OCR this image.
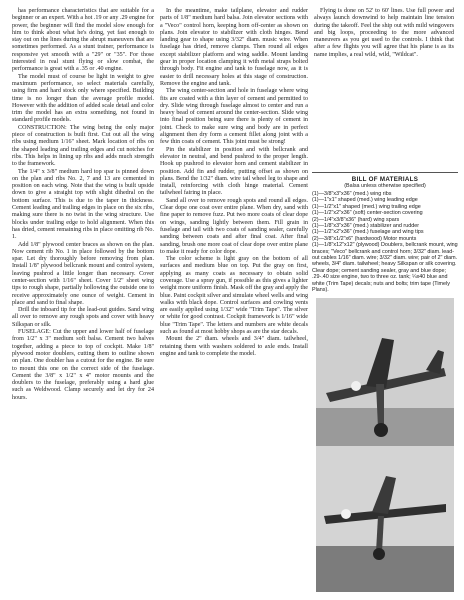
has performance characteristics that are suitable for a beginner or an expert. With a hot .19 or any .29 engine for power, the beginner will find the model slow enough for him to think about what he's doing, yet fast enough to stay out on the lines during the abrupt maneuvers that are sometimes performed. As a stunt trainer, performance is responsive yet smooth with a "29" or "35". For those interested in real stunt flying or slow combat, the performance is great with a .35 or .40 engine.

The model must of course be light in weight to give maximum performance, so select materials carefully, using firm and hard stock only where specified. Building time is no longer than the average profile model. However with the addition of added scale detail and color trim the model has an extra something, not found in standard profile models.

CONSTRUCTION: The wing being the only major piece of construction is built first. Cut out all the wing ribs using medium 1/16" sheet. Mark location of ribs on the shaped leading and trailing edges and cut notches for ribs. This helps in lining up ribs and adds much strength to the framework.

The 1/4" x 3/8" medium hard top spar is pinned down on the plan and ribs No. 2, 7 and 13 are cemented in position on each wing. Note that the wing is built upside down to give a straight top with slight dihedral on the bottom surface. This is due to the taper in thickness. Cement leading and trailing edges in place on the six ribs, making sure there is no twist in the wing structure. Use blocks under trailing edge to hold alignment. When this has dried, cement remaining ribs in place omitting rib No. 1.

Add 1/8" plywood center braces as shown on the plan. Now cement rib No. 1 in place followed by the bottom spar. Let dry thoroughly before removing from plan. Install 1/8" plywood bellcrank mount and control system, leaving pushrod a little longer than necessary. Cover center-section with 1/16" sheet. Cover 1/2" sheet wing tips to rough shape, partially hollowing the outside one to receive approximately one ounce of weight. Cement in place and sand to final shape.

Drill the inboard tip for the lead-out guides. Sand wing all over to remove any rough spots and cover with heavy Silkspan or silk.

FUSELAGE: Cut the upper and lower half of fuselage from 1/2" x 3" medium soft balsa. Cement two halves together, adding a piece to top of cockpit. Make 1/8" plywood motor doublers, cutting them to outline shown on plan. One doubler has a cutout for the engine. Be sure to mount this one on the correct side of the fuselage. Cement the 3/8" x 1/2" x 4" motor mounts and the doublers to the fuselage, preferably using a hard glue such as Weldwood. Clamp securely and let dry for 24 hours.

In the meantime, make tailplane, elevator and rudder parts of 1/8" medium hard balsa. Join elevator sections with a "Veco" control horn, keeping horn off-center as shown on plans. Join elevator to stabilizer with cloth hinges. Bend landing gear to shape using 3/32" diam. music wire. When fuselage has dried, remove clamps. Then round all edges except stabilizer platform and wing saddle. Mount landing gear in proper location clamping it with metal straps bolted through body. Fit engine and tank to fuselage now, as it is easier to drill necessary holes at this stage of construction. Remove the engine and tank.

The wing center-section and hole in fuselage where wing fits are coated with a thin layer of cement and permitted to dry. Slide wing through fuselage almost to center and run a heavy bead of cement around the center-section. Slide wing into final position being sure there is plenty of cement in joint. Check to make sure wing and body are in perfect alignment then dry form a cement fillet along joint with a few thin coats of cement. This joint must be strong!

Pin the stabilizer in position and with bellcrank and elevator in neutral, and bend pushrod to the proper length. Hook up pushrod to elevator horn and cement stabilizer in position. Add fin and rudder, putting offset as shown on plans. Bend the 1/32" diam. wire tail wheel leg to shape and install, reinforcing with cloth hinge material. Cement tailwheel fairing in place.

Sand all over to remove rough spots and round all edges. Clear dope one coat over entire plane. When dry, sand with fine paper to remove fuzz. Put two more coats of clear dope on wings, sanding lightly between them. Fill grain in fuselage and tail with two coats of sanding sealer, carefully sanding between coats and after final coat. After final sanding, brush one more coat of clear dope over entire plane to make it ready for color dope.

The color scheme is light gray on the bottom of all surfaces and medium blue on top. Put the gray on first, applying as many coats as necessary to obtain solid coverage. Use a spray gun, if possible as this gives a lighter weight more uniform finish. Mask off the gray and apply the blue. Paint cockpit silver and simulate wheel wells and wing walks with black dope. Control surfaces and cowling vents are easily applied using 1/32" wide "Trim Tape". The silver or white for good contrast. Cockpit framework is 1/16" wide blue "Trim Tape". The letters and numbers are white decals such as found at most hobby shops as are the star decals.

Mount the 2" diam. wheels and 3/4" diam. tailwheel, retaining them with washers soldered to axle ends. Install engine and tank to complete the model.

Flying is done on 52' to 60' lines. Use full power and always launch downwind to help maintain line tension during the takeoff. Feel the ship out with mild wingovers and big loops, proceeding to the more advanced maneuvers as you get used to the controls. I think that after a few flights you will agree that his plane is as its name implies, a real wild, wild, "Wildcat".

BILL OF MATERIALS
(Balsa unless otherwise specified)
(1)—3/8"x3"x36" (med.) wing ribs
(1)—1"x1" shaped (med.) wing leading edge
(1)—1/2"x1" shaped (med.) wing trailing edge
(1)—1/2"x2"x36" (soft) center-section covering
(2)—1/4"x3/8"x36" (hard) wing spars
(1)—1/8"x3"x36" (med.) stabilizer and rudder
(1)—1/2"x2"x36" (med.) fuselage and wing tips
(2)—3/8"x1/2"x6" (hardwood) Motor mounts
(1)—1/8"x12"x12" (plywood) Doublers, bellcrank mount, wing braces; "Veco" bellcrank and control horn; 3/32" diam. lead-out cables 1/16" diam. wire; 3/32" diam. wire; pair of 2" diam. wheels, 3/4" diam. tailwheel; heavy Silkspan or silk covering. Clear dope; cement sanding sealer, gray and blue dope; .29-.40 size engine, two to three oz. tank; ¼x40 blue and white (Trim Tape) decals; nuts and bolts; trim tape (Timely Plans).
